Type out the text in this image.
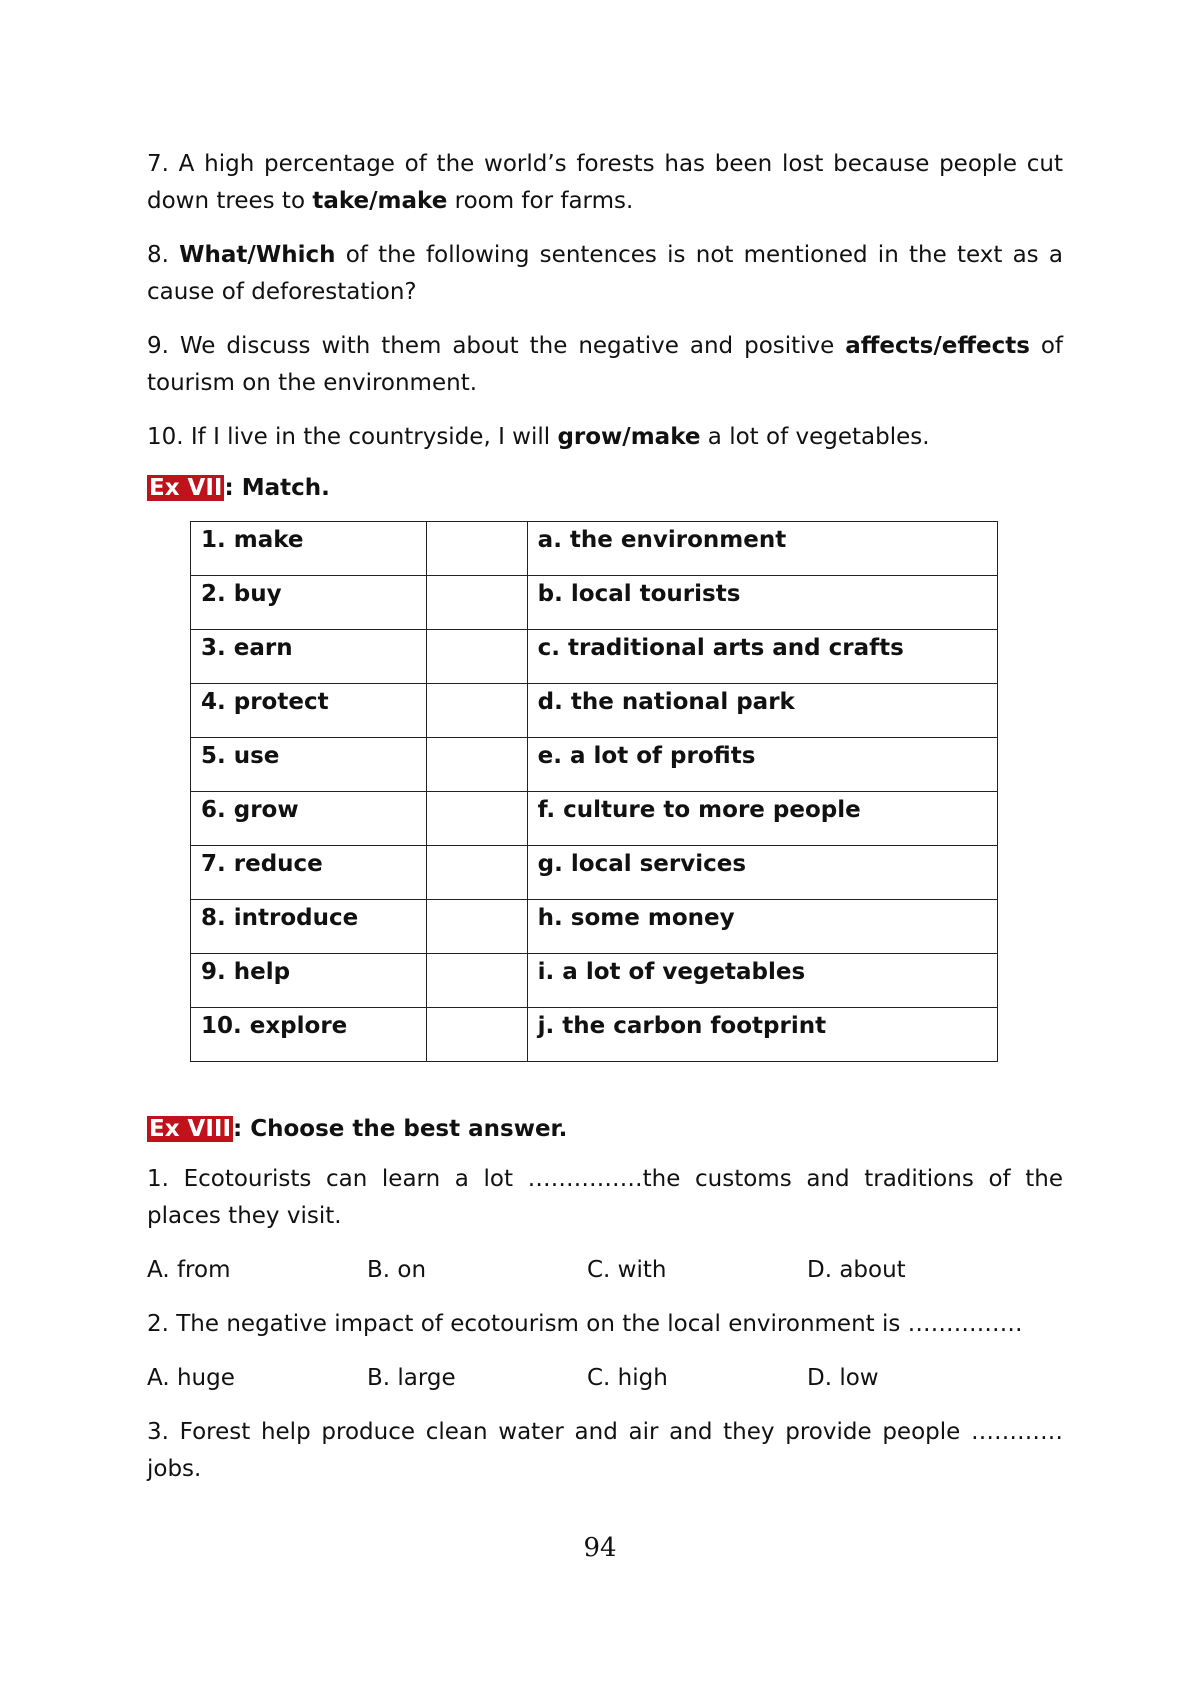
7. A high percentage of the world’s forests has been lost because people cut down trees to take/make room for farms.

8. What/Which of the following sentences is not mentioned in the text as a cause of deforestation?

9. We discuss with them about the negative and positive affects/effects of tourism on the environment.

10. If I live in the countryside, I will grow/make a lot of vegetables.

Ex VII: Match.
1. make		a. the environment
2. buy		b. local tourists
3. earn		c. traditional arts and crafts
4. protect		d. the national park
5. use		e. a lot of profits
6. grow		f. culture to more people
7. reduce		g. local services
8. introduce		h. some money
9. help		i. a lot of vegetables
10. explore		j. the carbon footprint
Ex VIII: Choose the best answer.

1. Ecotourists can learn a lot ……………the customs and traditions of the places they visit.

A. from	B. on	C. with	D. about

2. The negative impact of ecotourism on the local environment is ……………

A. huge	B. large	C. high	D. low

3. Forest help produce clean water and air and they provide people …………jobs.

94
